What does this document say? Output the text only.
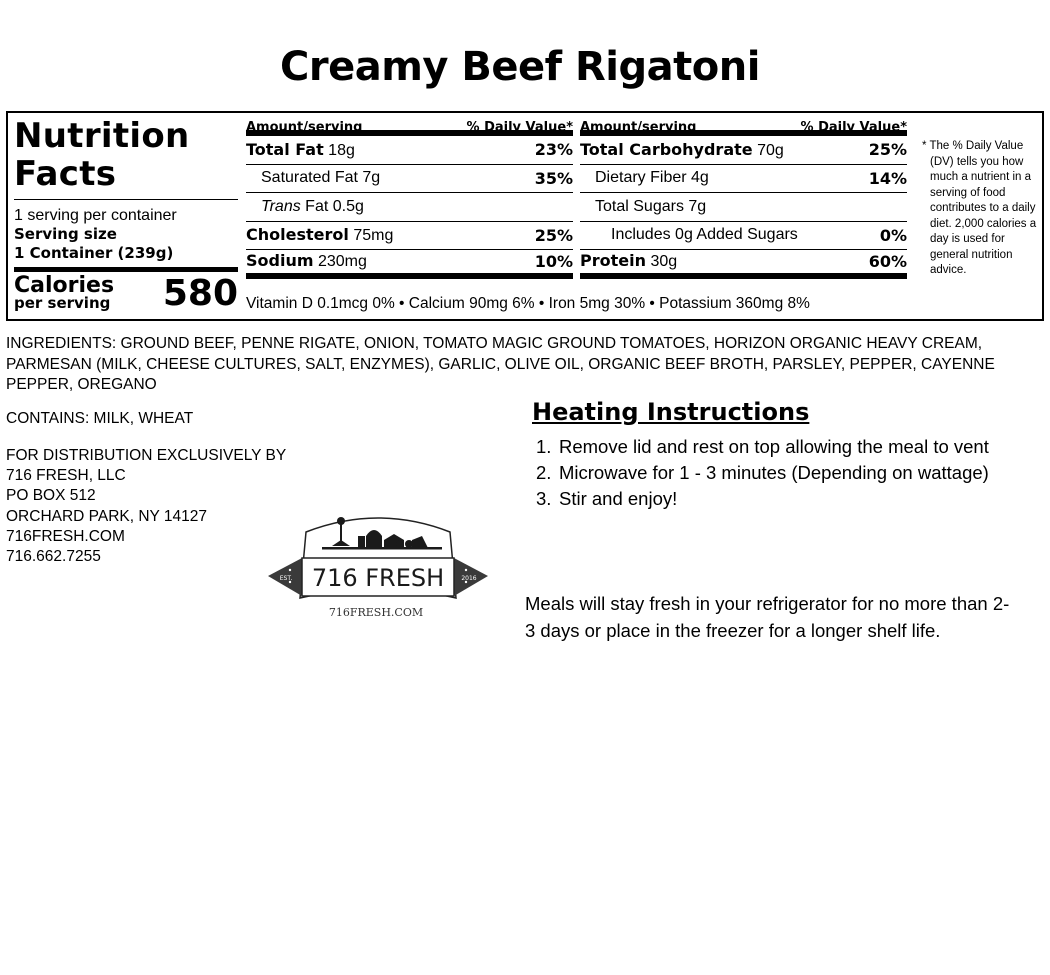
Creamy Beef Rigatoni
Nutrition
Facts
1 serving per container
Serving size
1 Container (239g)
Calories
per serving 580
Amount/serving	% Daily Value*
Total Fat 18g	23%
Saturated Fat 7g	35%
Trans Fat 0.5g
Cholesterol 75mg	25%
Sodium 230mg	10%
Amount/serving	% Daily Value*
Total Carbohydrate 70g	25%
Dietary Fiber 4g	14%
Total Sugars 7g
Includes 0g Added Sugars	0%
Protein 30g	60%
Vitamin D 0.1mcg 0% • Calcium 90mg 6% • Iron 5mg 30% • Potassium 360mg 8%
* The % Daily Value (DV) tells you how much a nutrient in a serving of food contributes to a daily diet. 2,000 calories a day is used for general nutrition advice.
INGREDIENTS: GROUND BEEF, PENNE RIGATE, ONION, TOMATO MAGIC GROUND TOMATOES, HORIZON ORGANIC HEAVY CREAM, PARMESAN (MILK, CHEESE CULTURES, SALT, ENZYMES), GARLIC, OLIVE OIL, ORGANIC BEEF BROTH, PARSLEY, PEPPER, CAYENNE PEPPER, OREGANO
CONTAINS: MILK, WHEAT
FOR DISTRIBUTION EXCLUSIVELY BY
716 FRESH, LLC
PO BOX 512
ORCHARD PARK, NY 14127
716FRESH.COM
716.662.7255
EST.	2016
716 FRESH
716FRESH.COM
Heating Instructions
1. Remove lid and rest on top allowing the meal to vent
2. Microwave for 1 - 3 minutes (Depending on wattage)
3. Stir and enjoy!
Meals will stay fresh in your refrigerator for no more than 2-3 days or place in the freezer for a longer shelf life.
